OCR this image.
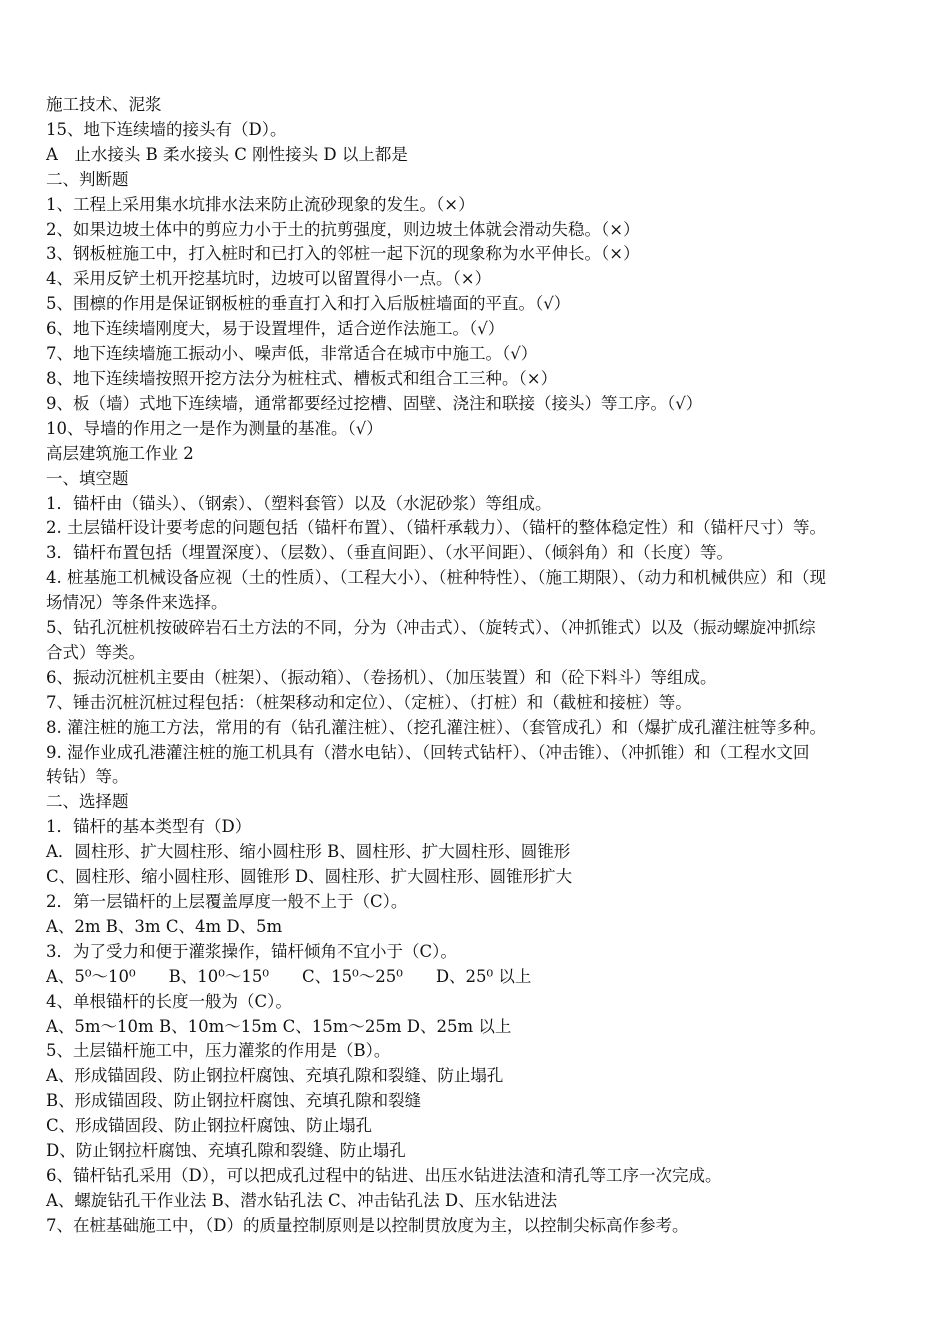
施工技术、泥浆
15、地下连续墙的接头有（D）。
A　止水接头 B 柔水接头 C 刚性接头 D 以上都是
二、判断题
1、工程上采用集水坑排水法来防止流砂现象的发生。（×）
2、如果边坡土体中的剪应力小于土的抗剪强度，则边坡土体就会滑动失稳。（×）
3、钢板桩施工中，打入桩时和已打入的邻桩一起下沉的现象称为水平伸长。（×）
4、采用反铲土机开挖基坑时，边坡可以留置得小一点。（×）
5、围檩的作用是保证钢板桩的垂直打入和打入后版桩墙面的平直。（√）
6、地下连续墙刚度大，易于设置埋件，适合逆作法施工。（√）
7、地下连续墙施工振动小、噪声低，非常适合在城市中施工。（√）
8、地下连续墙按照开挖方法分为桩柱式、槽板式和组合工三种。（×）
9、板（墙）式地下连续墙，通常都要经过挖槽、固壁、浇注和联接（接头）等工序。（√）
10、导墙的作用之一是作为测量的基准。（√）
高层建筑施工作业 2
一、填空题
1．锚杆由（锚头）、（钢索）、（塑料套管）以及（水泥砂浆）等组成。
2. 土层锚杆设计要考虑的问题包括（锚杆布置）、（锚杆承载力）、（锚杆的整体稳定性）和（锚杆尺寸）等。
3．锚杆布置包括（埋置深度）、（层数）、（垂直间距）、（水平间距）、（倾斜角）和（长度）等。
4. 桩基施工机械设备应视（土的性质）、（工程大小）、（桩种特性）、（施工期限）、（动力和机械供应）和（现
场情况）等条件来选择。
5、钻孔沉桩机按破碎岩石土方法的不同，分为（冲击式）、（旋转式）、（冲抓锥式）以及（振动螺旋冲抓综
合式）等类。
6、振动沉桩机主要由（桩架）、（振动箱）、（卷扬机）、（加压装置）和（砼下料斗）等组成。
7、锤击沉桩沉桩过程包括：（桩架移动和定位）、（定桩）、（打桩）和（截桩和接桩）等。
8. 灌注桩的施工方法，常用的有（钻孔灌注桩）、（挖孔灌注桩）、（套管成孔）和（爆扩成孔灌注桩等多种。
9. 湿作业成孔港灌注桩的施工机具有（潜水电钻）、（回转式钻杆）、（冲击锥）、（冲抓锥）和（工程水文回
转钻）等。
二、选择题
1．锚杆的基本类型有（D）
A．圆柱形、扩大圆柱形、缩小圆柱形 B、圆柱形、扩大圆柱形、圆锥形
C、圆柱形、缩小圆柱形、圆锥形 D、圆柱形、扩大圆柱形、圆锥形扩大
2．第一层锚杆的上层覆盖厚度一般不上于（C）。
A、2m B、3m C、4m D、5m
3．为了受力和便于灌浆操作，锚杆倾角不宜小于（C）。
A、5⁰～10⁰　　B、10⁰～15⁰　　C、15⁰～25⁰　　D、25⁰ 以上
4、单根锚杆的长度一般为（C）。
A、5m～10m B、10m～15m C、15m～25m D、25m 以上
5、土层锚杆施工中，压力灌浆的作用是（B）。
A、形成锚固段、防止钢拉杆腐蚀、充填孔隙和裂缝、防止塌孔
B、形成锚固段、防止钢拉杆腐蚀、充填孔隙和裂缝
C、形成锚固段、防止钢拉杆腐蚀、防止塌孔
D、防止钢拉杆腐蚀、充填孔隙和裂缝、防止塌孔
6、锚杆钻孔采用（D），可以把成孔过程中的钻进、出压水钻进法渣和清孔等工序一次完成。
A、螺旋钻孔干作业法 B、潜水钻孔法 C、冲击钻孔法 D、压水钻进法
7、在桩基础施工中，（D）的质量控制原则是以控制贯放度为主，以控制尖标高作参考。
